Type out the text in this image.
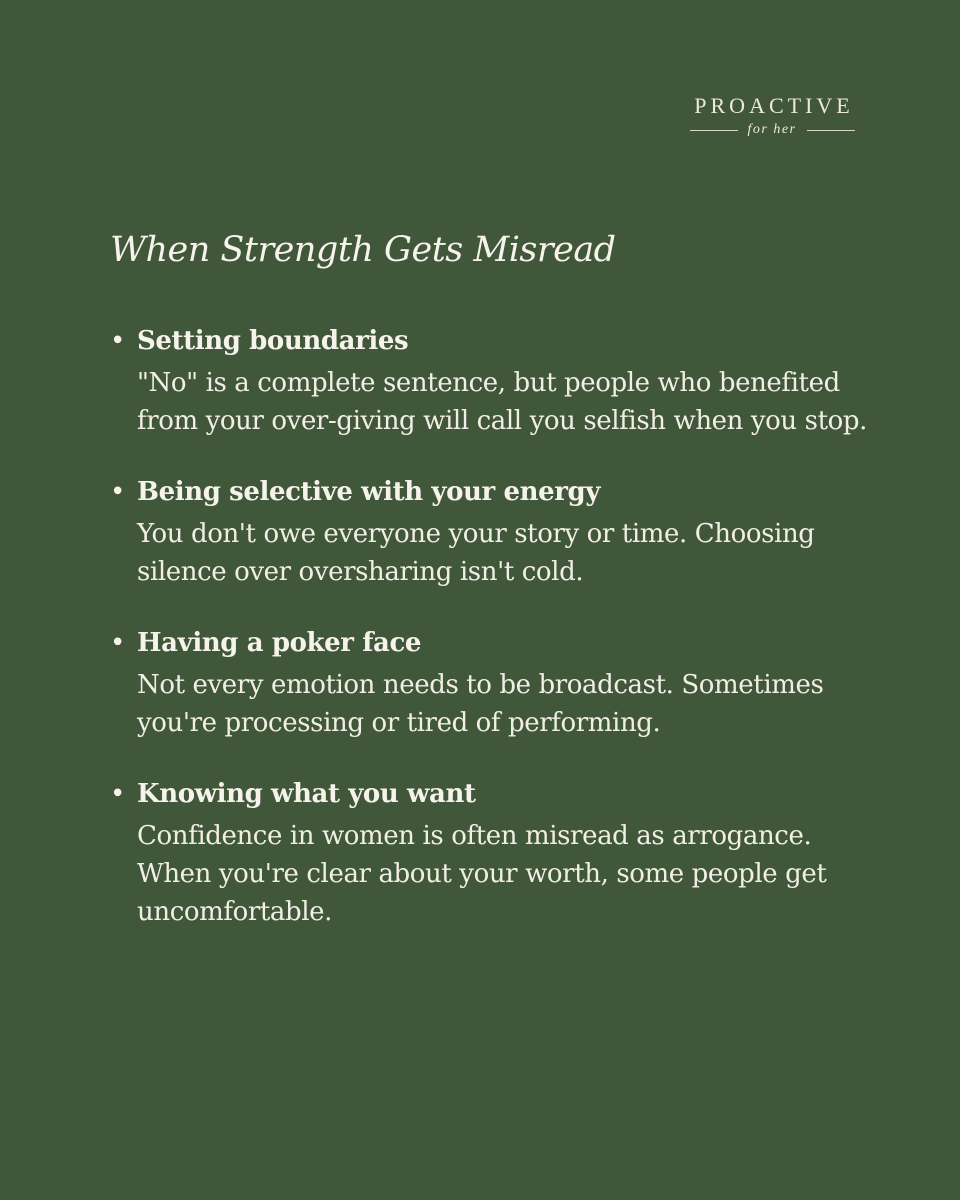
PROACTIVE
for her
When Strength Gets Misread
• Setting boundaries
"No" is a complete sentence, but people who benefited from your over-giving will call you selfish when you stop.
• Being selective with your energy
You don't owe everyone your story or time. Choosing silence over oversharing isn't cold.
• Having a poker face
Not every emotion needs to be broadcast. Sometimes you're processing or tired of performing.
• Knowing what you want
Confidence in women is often misread as arrogance. When you're clear about your worth, some people get uncomfortable.
